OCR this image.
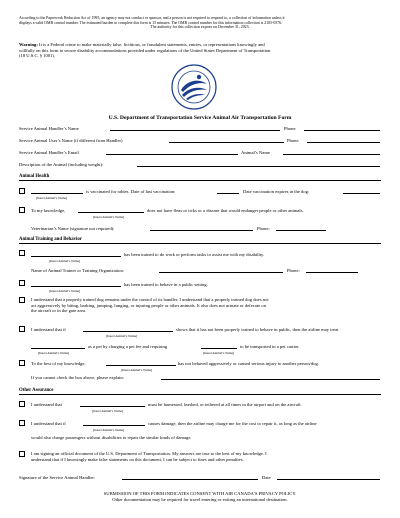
According to the Paperwork Reduction Act of 1995, an agency may not conduct or sponsor, and a person is not required to respond to, a collection of information unless it
displays a valid OMB control number. The estimated burden to complete this form is 15 minutes. The OMB control number for this information collection is 2105-0576.
The authority for this collection expires on December 31, 2023.
Warning: It is a Federal crime to make materially false, fictitious, or fraudulent statements, entries, or representations knowingly and
willfully on this form to secure disability accommodations provided under regulations of the United States Department of Transportation
(18 U.S.C. § 1001).
U.S. Department of Transportation Service Animal Air Transportation Form
Service Animal Handler’s Name	Phone
Service Animal User’s Name (if different from Handler)	Phone
Service Animal Handler’s Email	Animal’s Name
Description of the Animal (including weight):
Animal Health
is vaccinated for rabies. Date of last vaccination:	Date vaccination expires in the dog:
[Insert Animal’s Name]
To my knowledge,	does not have fleas or ticks or a disease that would endanger people or other animals.
[Insert Animal’s Name]
Veterinarian’s Name (signature not required):	Phone:
Animal Training and Behavior
has been trained to do work or perform tasks to assist me with my disability.
[Insert Animal’s Name]
Name of Animal Trainer or Training Organization:	Phone:
has been trained to behave in a public setting.
[Insert Animal’s Name]
I understand that a properly trained dog remains under the control of its handler. I understand that a properly trained dog does not
act aggressively by biting, barking, jumping, lunging, or injuring people or other animals. It also does not urinate or defecate on
the aircraft or in the gate area.
I understand that if	shows that it has not been properly trained to behave in public, then the airline may treat
[Insert Animal’s Name]
as a pet by charging a pet fee and requiring	to be transported in a pet carrier.
[Insert Animal’s Name]	[Insert Animal’s Name]
To the best of my knowledge,	has not behaved aggressively or caused serious injury to another person/dog.
[Insert Animal’s Name]
If you cannot check the box above, please explain:
Other Assurance
I understand that	must be harnessed, leashed, or tethered at all times in the airport and on the aircraft.
[Insert Animal’s Name]
I understand that if	causes damage, then the airline may charge me for the cost to repair it, as long as the airline
[Insert Animal’s Name]
would also charge passengers without disabilities to repair the similar kinds of damage.
I am signing an official document of the U.S. Department of Transportation. My answers are true to the best of my knowledge. I
understand that if I knowingly make false statements on this document, I can be subject to fines and other penalties.
Signature of the Service Animal Handler:	Date
SUBMISSION OF THIS FORM INDICATES CONSENT WITH AIR CANADA’S PRIVACY POLICY.
Other documentation may be required for travel entering or exiting an international destination.
